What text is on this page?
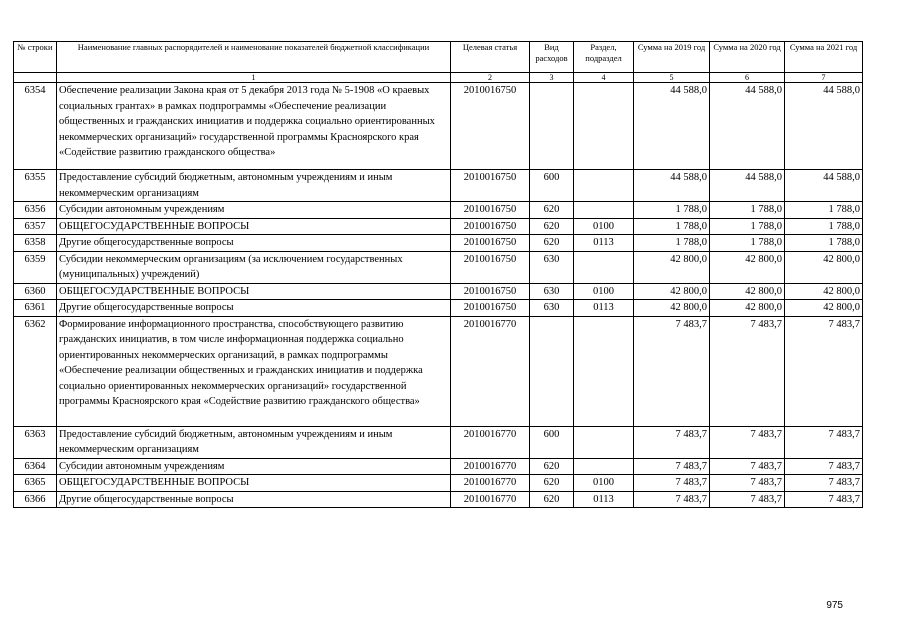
№ строки	Наименование главных распорядителей и наименование показателей бюджетной классификации	Целевая статья	Вид расходов	Раздел, подраздел	Сумма на 2019 год	Сумма на 2020 год	Сумма на 2021 год
	1	2	3	4	5	6	7
6354	Обеспечение реализации Закона края от 5 декабря 2013 года № 5-1908 «О краевых социальных грантах» в рамках подпрограммы «Обеспечение реализации общественных и гражданских инициатив и поддержка социально ориентированных некоммерческих организаций» государственной программы Красноярского края «Содействие развитию гражданского общества»	2010016750			44 588,0	44 588,0	44 588,0
6355	Предоставление субсидий бюджетным, автономным учреждениям и иным некоммерческим организациям	2010016750	600		44 588,0	44 588,0	44 588,0
6356	Субсидии автономным учреждениям	2010016750	620		1 788,0	1 788,0	1 788,0
6357	ОБЩЕГОСУДАРСТВЕННЫЕ ВОПРОСЫ	2010016750	620	0100	1 788,0	1 788,0	1 788,0
6358	Другие общегосударственные вопросы	2010016750	620	0113	1 788,0	1 788,0	1 788,0
6359	Субсидии некоммерческим организациям (за исключением государственных (муниципальных) учреждений)	2010016750	630		42 800,0	42 800,0	42 800,0
6360	ОБЩЕГОСУДАРСТВЕННЫЕ ВОПРОСЫ	2010016750	630	0100	42 800,0	42 800,0	42 800,0
6361	Другие общегосударственные вопросы	2010016750	630	0113	42 800,0	42 800,0	42 800,0
6362	Формирование информационного пространства, способствующего развитию гражданских инициатив, в том числе информационная поддержка социально ориентированных некоммерческих организаций, в рамках подпрограммы «Обеспечение реализации общественных и гражданских инициатив и поддержка социально ориентированных некоммерческих организаций» государственной программы Красноярского края «Содействие развитию гражданского общества»	2010016770			7 483,7	7 483,7	7 483,7
6363	Предоставление субсидий бюджетным, автономным учреждениям и иным некоммерческим организациям	2010016770	600		7 483,7	7 483,7	7 483,7
6364	Субсидии автономным учреждениям	2010016770	620		7 483,7	7 483,7	7 483,7
6365	ОБЩЕГОСУДАРСТВЕННЫЕ ВОПРОСЫ	2010016770	620	0100	7 483,7	7 483,7	7 483,7
6366	Другие общегосударственные вопросы	2010016770	620	0113	7 483,7	7 483,7	7 483,7
975
